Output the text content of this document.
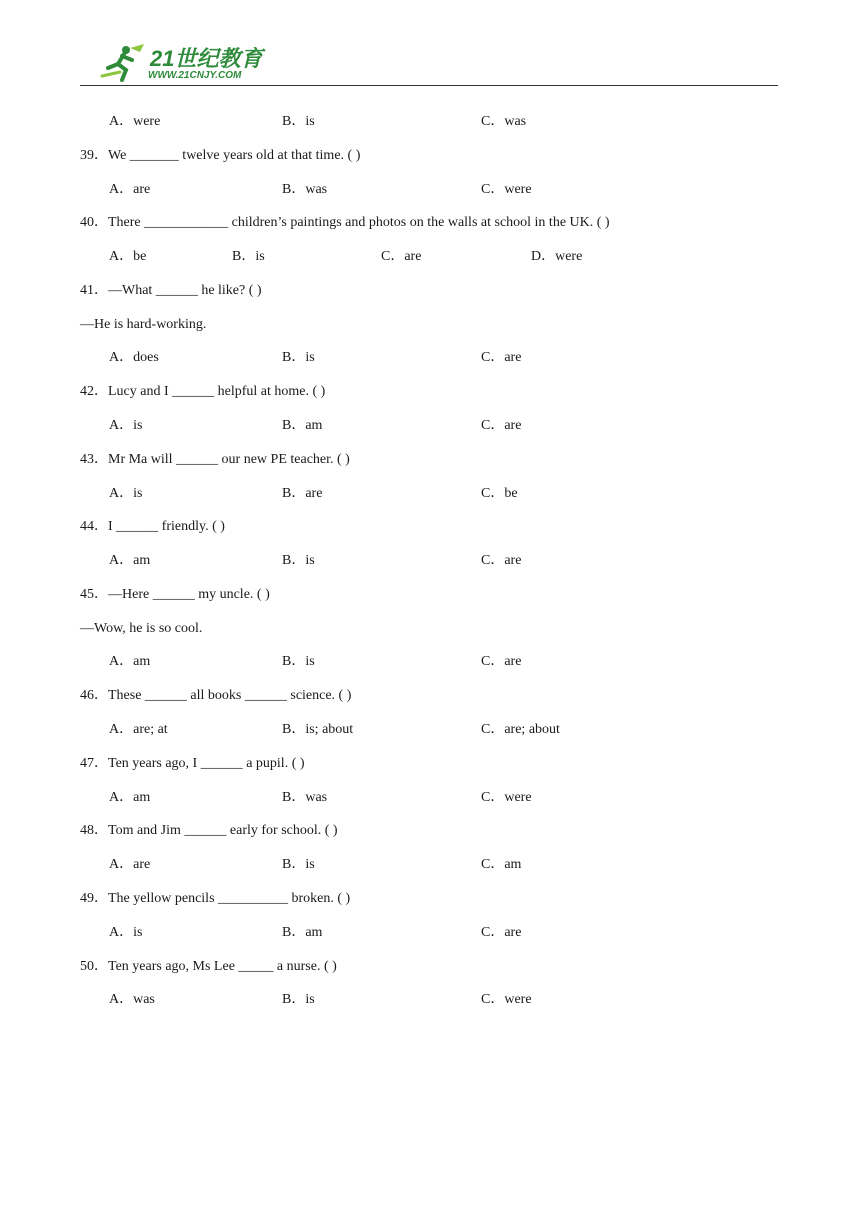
21世纪教育
WWW.21CNJY.COM
A．were	B．is	C．was
39．We _______ twelve years old at that time. ( )
A．are	B．was	C．were
40．There ____________ children’s paintings and photos on the walls at school in the UK. ( )
A．be	B．is	C．are	D．were
41．—What ______ he like? ( )
—He is hard-working.
A．does	B．is	C．are
42．Lucy and I ______ helpful at home. ( )
A．is	B．am	C．are
43．Mr Ma will ______ our new PE teacher. ( )
A．is	B．are	C．be
44．I ______ friendly. ( )
A．am	B．is	C．are
45．—Here ______ my uncle. ( )
—Wow, he is so cool.
A．am	B．is	C．are
46．These ______ all books ______ science. ( )
A．are; at	B．is; about	C．are; about
47．Ten years ago, I ______ a pupil. ( )
A．am	B．was	C．were
48．Tom and Jim ______ early for school. ( )
A．are	B．is	C．am
49．The yellow pencils __________ broken. ( )
A．is	B．am	C．are
50．Ten years ago, Ms Lee _____ a nurse. ( )
A．was	B．is	C．were
